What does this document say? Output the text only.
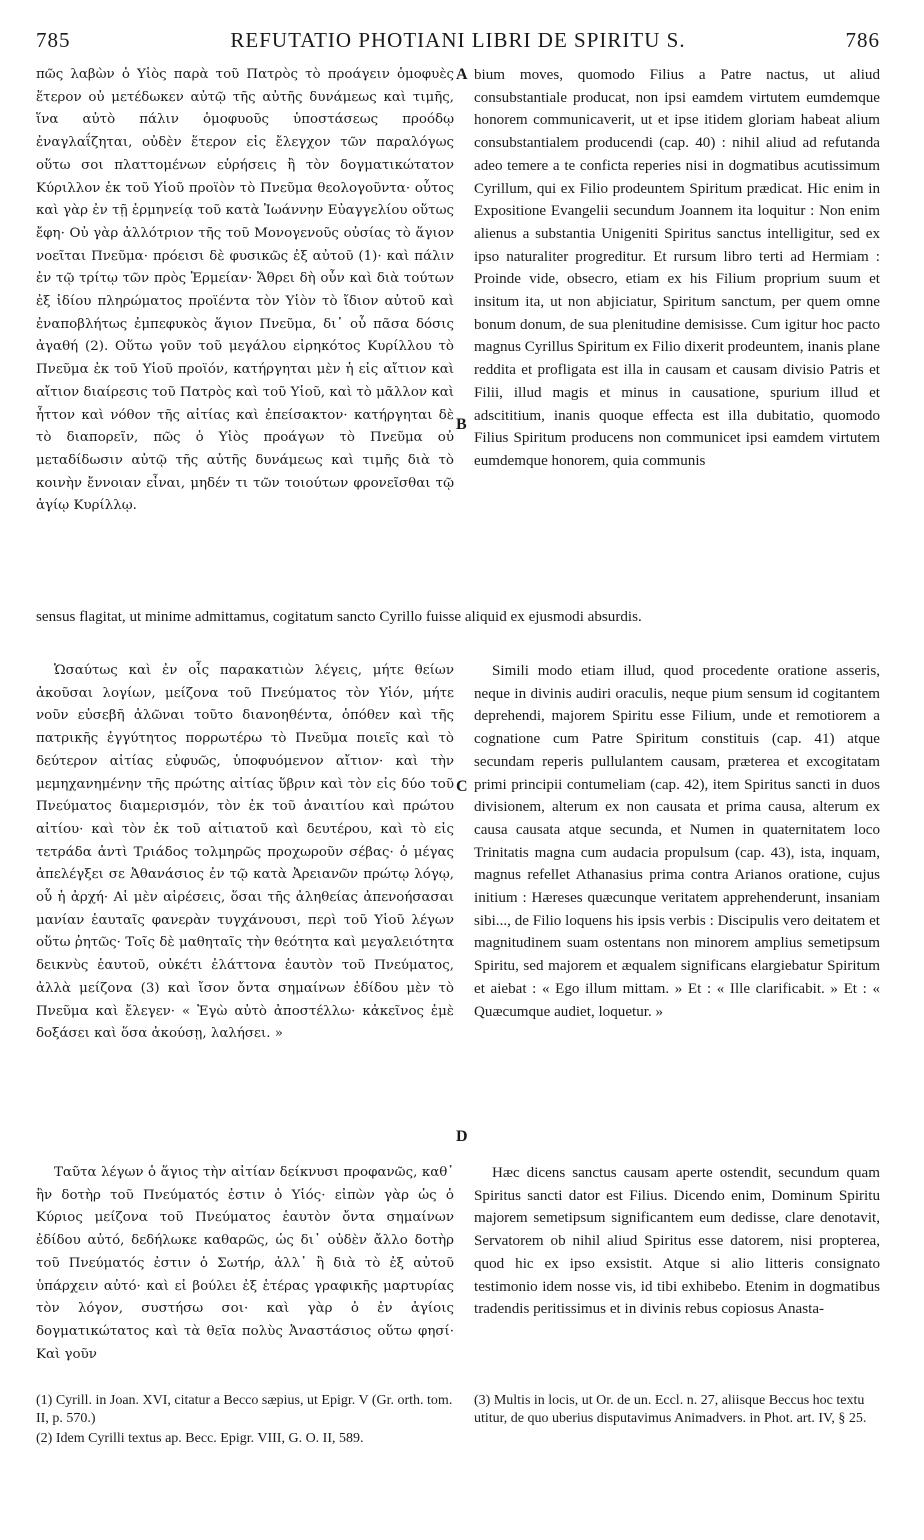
785	REFUTATIO PHOTIANI LIBRI DE SPIRITU S.	786

πῶς λαβὼν ὁ Υἱὸς παρὰ τοῦ Πατρὸς τὸ προάγειν ὁμοφυὲς ἕτερον οὐ μετέδωκεν αὐτῷ τῆς αὐτῆς δυνάμεως καὶ τιμῆς, ἵνα αὐτὸ πάλιν ὁμοφυοῦς ὑποστάσεως προόδῳ ἐναγλαΐζηται, οὐδὲν ἕτερον εἰς ἔλεγχον τῶν παραλόγως οὕτω σοι πλαττομένων εὑρήσεις ἢ τὸν δογματικώτατον Κύριλλον ἐκ τοῦ Υἱοῦ προϊὸν τὸ Πνεῦμα θεολογοῦντα· οὗτος καὶ γὰρ ἐν τῇ ἑρμηνείᾳ τοῦ κατὰ Ἰωάννην Εὐαγγελίου οὕτως ἔφη· Οὐ γὰρ ἀλλότριον τῆς τοῦ Μονογενοῦς οὐσίας τὸ ἅγιον νοεῖται Πνεῦμα· πρόεισι δὲ φυσικῶς ἐξ αὐτοῦ (1)· καὶ πάλιν ἐν τῷ τρίτῳ τῶν πρὸς Ἑρμείαν· Ἄθρει δὴ οὖν καὶ διὰ τούτων ἐξ ἰδίου πληρώματος προϊέντα τὸν Υἱὸν τὸ ἴδιον αὐτοῦ καὶ ἐναποβλήτως ἐμπεφυκὸς ἅγιον Πνεῦμα, δι᾽ οὗ πᾶσα δόσις ἀγαθή (2). Οὕτω γοῦν τοῦ μεγάλου εἰρηκότος Κυρίλλου τὸ Πνεῦμα ἐκ τοῦ Υἱοῦ προϊόν, κατήργηται μὲν ἡ εἰς αἴτιον καὶ αἴτιον διαίρεσις τοῦ Πατρὸς καὶ τοῦ Υἱοῦ, καὶ τὸ μᾶλλον καὶ ἧττον καὶ νόθον τῆς αἰτίας καὶ ἐπείσακτον· κατήργηται δὲ τὸ διαπορεῖν, πῶς ὁ Υἱὸς προάγων τὸ Πνεῦμα οὐ μεταδίδωσιν αὐτῷ τῆς αὐτῆς δυνάμεως καὶ τιμῆς διὰ τὸ κοινὴν ἔννοιαν εἶναι, μηδέν τι τῶν τοιούτων φρονεῖσθαι τῷ ἁγίῳ Κυρίλλῳ.

bium moves, quomodo Filius a Patre nactus, ut aliud consubstantiale producat, non ipsi eamdem virtutem eumdemque honorem communicaverit, ut et ipse itidem gloriam habeat alium consubstantialem producendi (cap. 40) : nihil aliud ad refutanda adeo temere a te conficta reperies nisi in dogmatibus acutissimum Cyrillum, qui ex Filio prodeuntem Spiritum prædicat. Hic enim in Expositione Evangelii secundum Joannem ita loquitur : Non enim alienus a substantia Unigeniti Spiritus sanctus intelligitur, sed ex ipso naturaliter progreditur. Et rursum libro terti ad Hermiam : Proinde vide, obsecro, etiam ex his Filium proprium suum et insitum ita, ut non abjiciatur, Spiritum sanctum, per quem omne bonum donum, de sua plenitudine demisisse. Cum igitur hoc pacto magnus Cyrillus Spiritum ex Filio dixerit prodeuntem, inanis plane reddita et profligata est illa in causam et causam divisio Patris et Filii, illud magis et minus in causatione, spurium illud et adscititium, inanis quoque effecta est illa dubitatio, quomodo Filius Spiritum producens non communicet ipsi eamdem virtutem eumdemque honorem, quia communis

A
B
C
D
sensus flagitat, ut minime admittamus, cogitatum sancto Cyrillo fuisse aliquid ex ejusmodi absurdis.

Ὡσαύτως καὶ ἐν οἷς παρακατιὼν λέγεις, μήτε θείων ἀκοῦσαι λογίων, μείζονα τοῦ Πνεύματος τὸν Υἱόν, μήτε νοῦν εὐσεβῆ ἁλῶναι τοῦτο διανοηθέντα, ὁπόθεν καὶ τῆς πατρικῆς ἐγγύτητος πορρωτέρω τὸ Πνεῦμα ποιεῖς καὶ τὸ δεύτερον αἰτίας εὐφυῶς, ὑποφυόμενον αἴτιον· καὶ τὴν μεμηχανημένην τῆς πρώτης αἰτίας ὕβριν καὶ τὸν εἰς δύο τοῦ Πνεύματος διαμερισμόν, τὸν ἐκ τοῦ ἀναιτίου καὶ πρώτου αἰτίου· καὶ τὸν ἐκ τοῦ αἰτιατοῦ καὶ δευτέρου, καὶ τὸ εἰς τετράδα ἀντὶ Τριάδος τολμηρῶς προχωροῦν σέβας· ὁ μέγας ἀπελέγξει σε Ἀθανάσιος ἐν τῷ κατὰ Ἀρειανῶν πρώτῳ λόγῳ, οὗ ἡ ἀρχή· Αἱ μὲν αἱρέσεις, ὅσαι τῆς ἀληθείας ἀπενοήσασαι μανίαν ἑαυταῖς φανερὰν τυγχάνουσι, περὶ τοῦ Υἱοῦ λέγων οὕτω ῥητῶς· Τοῖς δὲ μαθηταῖς τὴν θεότητα καὶ μεγαλειότητα δεικνὺς ἑαυτοῦ, οὐκέτι ἐλάττονα ἑαυτὸν τοῦ Πνεύματος, ἀλλὰ μείζονα (3) καὶ ἴσον ὄντα σημαίνων ἐδίδου μὲν τὸ Πνεῦμα καὶ ἔλεγεν· « Ἐγὼ αὐτὸ ἀποστέλλω· κἀκεῖνος ἐμὲ δοξάσει καὶ ὅσα ἀκούσῃ, λαλήσει. »

Simili modo etiam illud, quod procedente oratione asseris, neque in divinis audiri oraculis, neque pium sensum id cogitantem deprehendi, majorem Spiritu esse Filium, unde et remotiorem a cognatione cum Patre Spiritum constituis (cap. 41) atque secundam reperis pullulantem causam, præterea et excogitatam primi principii contumeliam (cap. 42), item Spiritus sancti in duos divisionem, alterum ex non causata et prima causa, alterum ex causa causata atque secunda, et Numen in quaternitatem loco Trinitatis magna cum audacia propulsum (cap. 43), ista, inquam, magnus refellet Athanasius prima contra Arianos oratione, cujus initium : Hæreses quæcunque veritatem apprehenderunt, insaniam sibi..., de Filio loquens his ipsis verbis : Discipulis vero deitatem et magnitudinem suam ostentans non minorem amplius semetipsum Spiritu, sed majorem et æqualem significans elargiebatur Spiritum et aiebat : « Ego illum mittam. » Et : « Ille clarificabit. » Et : « Quæcumque audiet, loquetur. »

Ταῦτα λέγων ὁ ἅγιος τὴν αἰτίαν δείκνυσι προφανῶς, καθ᾽ ἣν δοτὴρ τοῦ Πνεύματός ἐστιν ὁ Υἱός· εἰπὼν γὰρ ὡς ὁ Κύριος μείζονα τοῦ Πνεύματος ἑαυτὸν ὄντα σημαίνων ἐδίδου αὐτό, δεδήλωκε καθαρῶς, ὡς δι᾽ οὐδὲν ἄλλο δοτὴρ τοῦ Πνεύματός ἐστιν ὁ Σωτήρ, ἀλλ᾽ ἢ διὰ τὸ ἐξ αὐτοῦ ὑπάρχειν αὐτό· καὶ εἰ βούλει ἐξ ἑτέρας γραφικῆς μαρτυρίας τὸν λόγον, συστήσω σοι· καὶ γὰρ ὁ ἐν ἁγίοις δογματικώτατος καὶ τὰ θεῖα πολὺς Ἀναστάσιος οὕτω φησί· Καὶ γοῦν

Hæc dicens sanctus causam aperte ostendit, secundum quam Spiritus sancti dator est Filius. Dicendo enim, Dominum Spiritu majorem semetipsum significantem eum dedisse, clare denotavit, Servatorem ob nihil aliud Spiritus esse datorem, nisi propterea, quod hic ex ipso exsistit. Atque si alio litteris consignato testimonio idem nosse vis, id tibi exhibebo. Etenim in dogmatibus tradendis peritissimus et in divinis rebus copiosus Anasta-

(1) Cyrill. in Joan. XVI, citatur a Becco sæpius, ut Epigr. V (Gr. orth. tom. II, p. 570.)

(2) Idem Cyrilli textus ap. Becc. Epigr. VIII, G. O. II, 589.

(3) Multis in locis, ut Or. de un. Eccl. n. 27, aliisque Beccus hoc textu utitur, de quo uberius disputavimus Animadvers. in Phot. art. IV, § 25.
